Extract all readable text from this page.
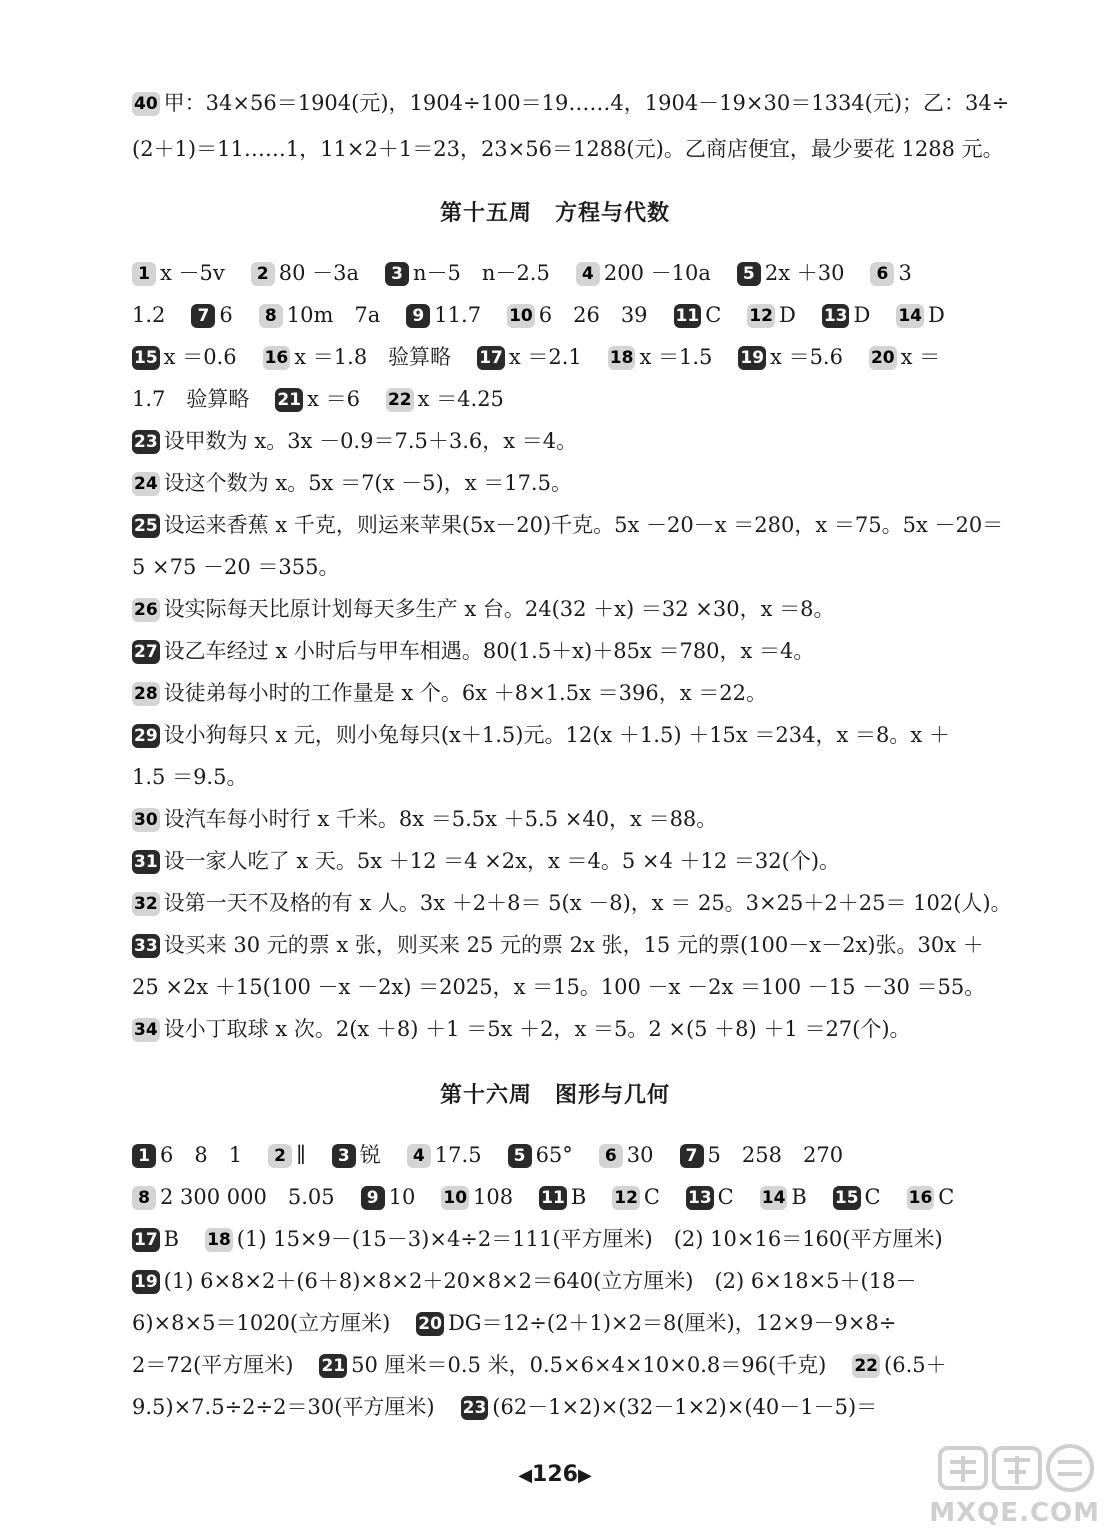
40 甲：34×56＝1904(元)，1904÷100＝19……4，1904－19×30＝1334(元)；乙：34÷
(2＋1)＝11……1，11×2＋1＝23，23×56＝1288(元)。乙商店便宜，最少要花 1288 元。
第十五周　方程与代数
1 x －5v 2 80 －3a 3 n－5　n－2.5 4 200 －10a 5 2x ＋30 6 3
1.2 7 6 8 10m　7a 9 11.7 10 6　26　39 11 C 12 D 13 D 14 D
15 x ＝0.6 16 x ＝1.8　验算略 17 x ＝2.1 18 x ＝1.5 19 x ＝5.6 20 x ＝
1.7　验算略 21 x ＝6 22 x ＝4.25
23 设甲数为 x。3x －0.9＝7.5＋3.6，x ＝4。
24 设这个数为 x。5x ＝7(x －5)，x ＝17.5。
25 设运来香蕉 x 千克，则运来苹果(5x－20)千克。5x －20－x ＝280，x ＝75。5x －20＝
5 ×75 －20 ＝355。
26 设实际每天比原计划每天多生产 x 台。24(32 ＋x) ＝32 ×30，x ＝8。
27 设乙车经过 x 小时后与甲车相遇。80(1.5＋x)＋85x ＝780，x ＝4。
28 设徒弟每小时的工作量是 x 个。6x ＋8×1.5x ＝396，x ＝22。
29 设小狗每只 x 元，则小兔每只(x＋1.5)元。12(x ＋1.5) ＋15x ＝234，x ＝8。x ＋
1.5 ＝9.5。
30 设汽车每小时行 x 千米。8x ＝5.5x ＋5.5 ×40，x ＝88。
31 设一家人吃了 x 天。5x ＋12 ＝4 ×2x，x ＝4。5 ×4 ＋12 ＝32(个)。
32 设第一天不及格的有 x 人。3x ＋2＋8＝ 5(x －8)，x ＝ 25。3×25＋2＋25＝ 102(人)。
33 设买来 30 元的票 x 张，则买来 25 元的票 2x 张，15 元的票(100－x－2x)张。30x ＋
25 ×2x ＋15(100 －x －2x) ＝2025，x ＝15。100 －x －2x ＝100 －15 －30 ＝55。
34 设小丁取球 x 次。2(x ＋8) ＋1 ＝5x ＋2，x ＝5。2 ×(5 ＋8) ＋1 ＝27(个)。
第十六周　图形与几何
1 6　8　1 2 ∥ 3 锐 4 17.5 5 65° 6 30 7 5　258　270
8 2 300 000　5.05 9 10 10 108 11 B 12 C 13 C 14 B 15 C 16 C
17 B 18 (1) 15×9－(15－3)×4÷2＝111(平方厘米)　(2) 10×16＝160(平方厘米)
19 (1) 6×8×2＋(6＋8)×8×2＋20×8×2＝640(立方厘米)　(2) 6×18×5＋(18－
6)×8×5＝1020(立方厘米) 20 DG＝12÷(2＋1)×2＝8(厘米)，12×9－9×8÷
2＝72(平方厘米) 21 50 厘米＝0.5 米，0.5×6×4×10×0.8＝96(千克) 22 (6.5＋
9.5)×7.5÷2÷2＝30(平方厘米) 23 (62－1×2)×(32－1×2)×(40－1－5)＝
◀126▶
MXQE.COM
